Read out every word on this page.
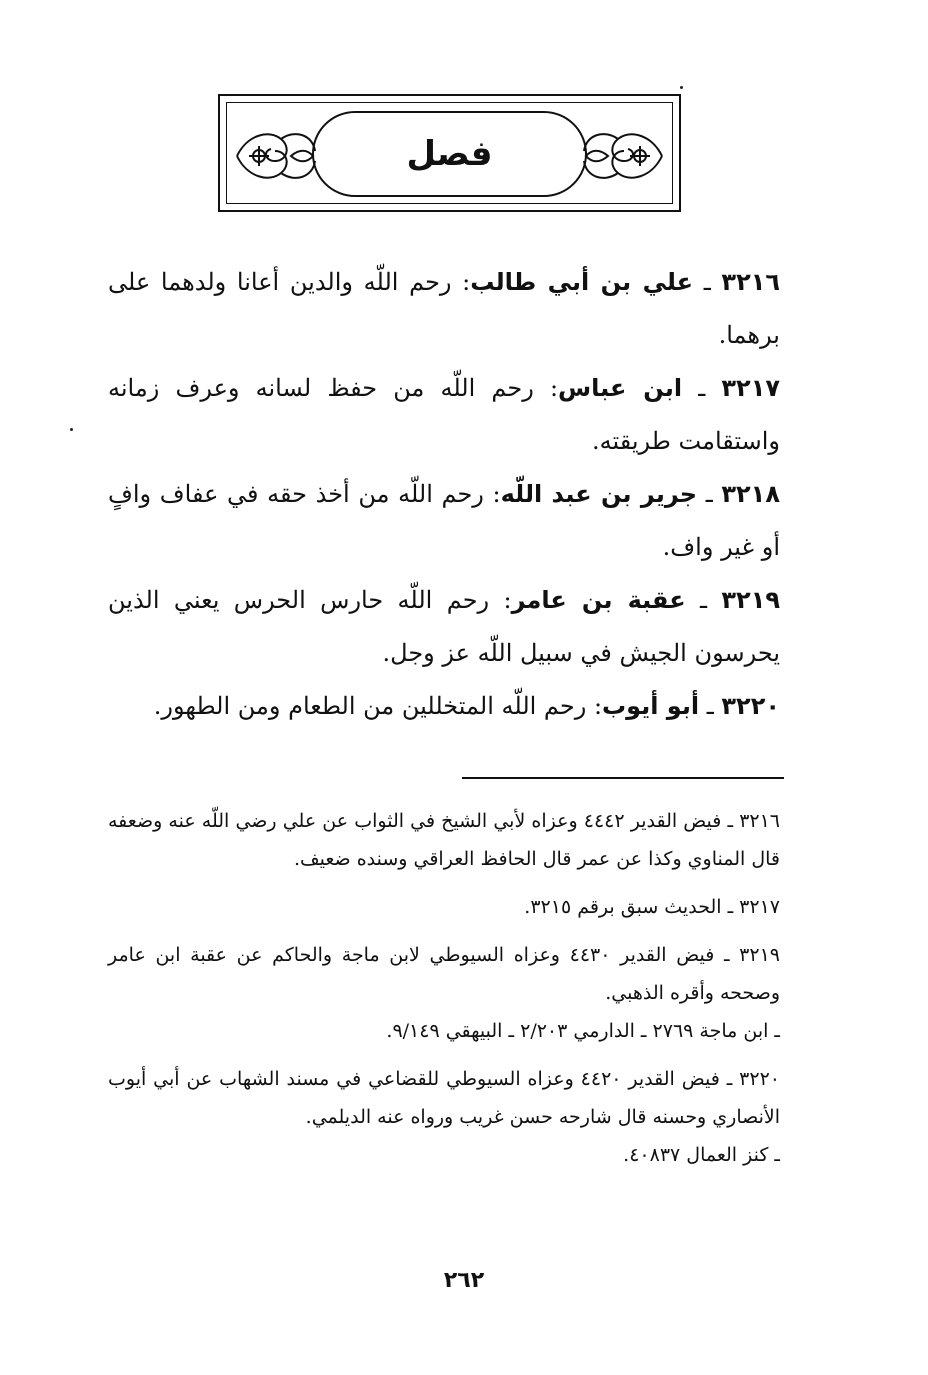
فصل

٣٢١٦ ـ علي بن أبي طالب: رحم اللّه والدين أعانا ولدهما على برهما.

٣٢١٧ ـ ابن عباس: رحم اللّه من حفظ لسانه وعرف زمانه واستقامت طريقته.

٣٢١٨ ـ جرير بن عبد اللّه: رحم اللّه من أخذ حقه في عفاف وافٍ أو غير واف.

٣٢١٩ ـ عقبة بن عامر: رحم اللّه حارس الحرس يعني الذين يحرسون الجيش في سبيل اللّه عز وجل.

٣٢٢٠ ـ أبو أيوب: رحم اللّه المتخللين من الطعام ومن الطهور.

٣٢١٦ ـ فيض القدير ٤٤٤٢ وعزاه لأبي الشيخ في الثواب عن علي رضي اللّه عنه وضعفه قال المناوي وكذا عن عمر قال الحافظ العراقي وسنده ضعيف.

٣٢١٧ ـ الحديث سبق برقم ٣٢١٥.

٣٢١٩ ـ فيض القدير ٤٤٣٠ وعزاه السيوطي لابن ماجة والحاكم عن عقبة ابن عامر وصححه وأقره الذهبي.

ـ ابن ماجة ٢٧٦٩ ـ الدارمي ٢/٢٠٣ ـ البيهقي ٩/١٤٩.

٣٢٢٠ ـ فيض القدير ٤٤٢٠ وعزاه السيوطي للقضاعي في مسند الشهاب عن أبي أيوب الأنصاري وحسنه قال شارحه حسن غريب ورواه عنه الديلمي.

ـ كنز العمال ٤٠٨٣٧.

٢٦٢
